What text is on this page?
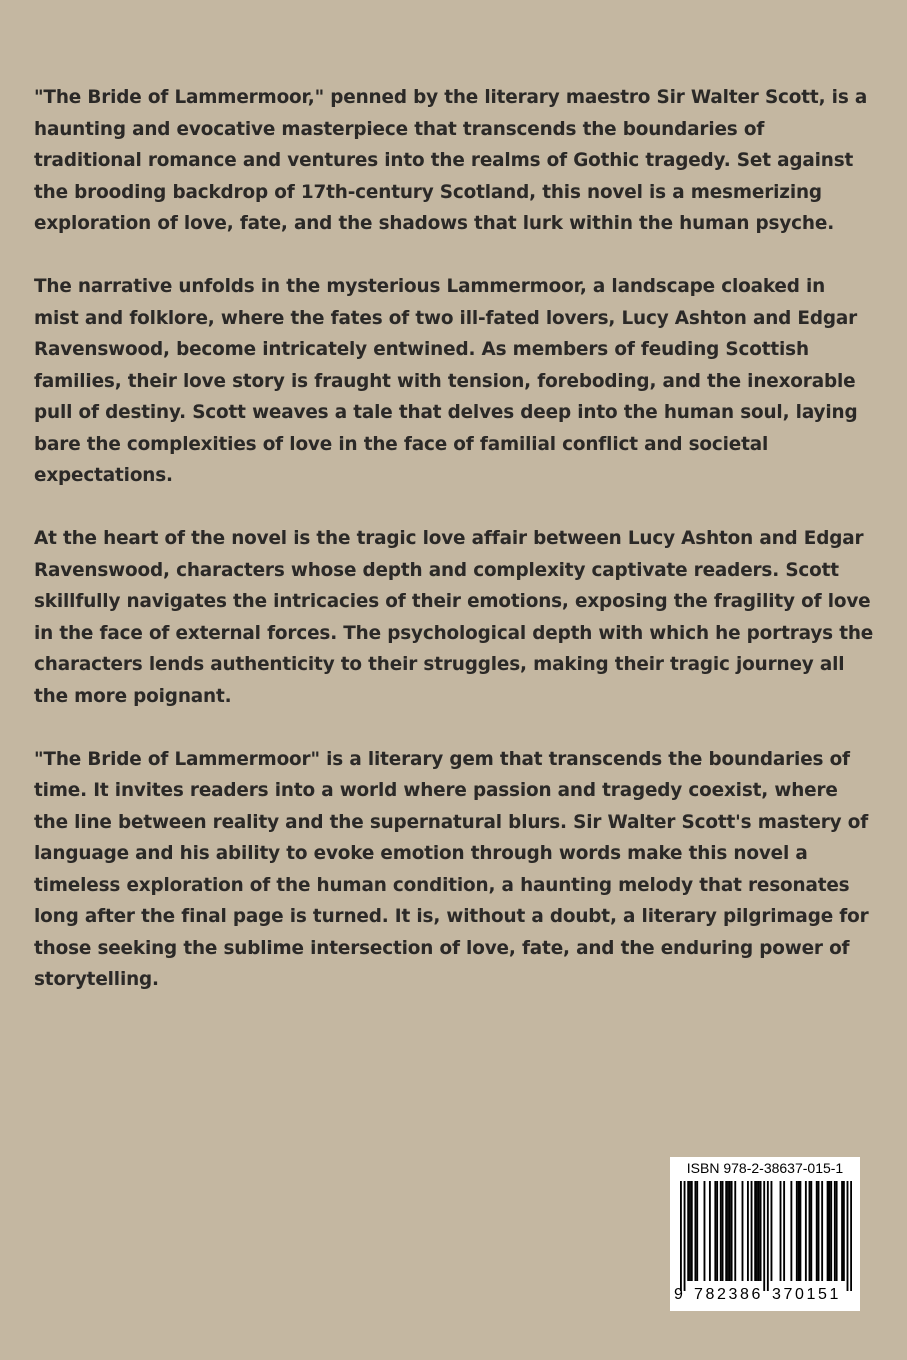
"The Bride of Lammermoor," penned by the literary maestro Sir Walter Scott, is a haunting and evocative masterpiece that transcends the boundaries of traditional romance and ventures into the realms of Gothic tragedy. Set against the brooding backdrop of 17th-century Scotland, this novel is a mesmerizing exploration of love, fate, and the shadows that lurk within the human psyche.

The narrative unfolds in the mysterious Lammermoor, a landscape cloaked in mist and folklore, where the fates of two ill-fated lovers, Lucy Ashton and Edgar Ravenswood, become intricately entwined. As members of feuding Scottish families, their love story is fraught with tension, foreboding, and the inexorable pull of destiny. Scott weaves a tale that delves deep into the human soul, laying bare the complexities of love in the face of familial conflict and societal expectations.

At the heart of the novel is the tragic love affair between Lucy Ashton and Edgar Ravenswood, characters whose depth and complexity captivate readers. Scott skillfully navigates the intricacies of their emotions, exposing the fragility of love in the face of external forces. The psychological depth with which he portrays the characters lends authenticity to their struggles, making their tragic journey all the more poignant.

"The Bride of Lammermoor" is a literary gem that transcends the boundaries of time. It invites readers into a world where passion and tragedy coexist, where the line between reality and the supernatural blurs. Sir Walter Scott's mastery of language and his ability to evoke emotion through words make this novel a timeless exploration of the human condition, a haunting melody that resonates long after the final page is turned. It is, without a doubt, a literary pilgrimage for those seeking the sublime intersection of love, fate, and the enduring power of storytelling.

ISBN 978-2-38637-015-1
9 782386 370151
